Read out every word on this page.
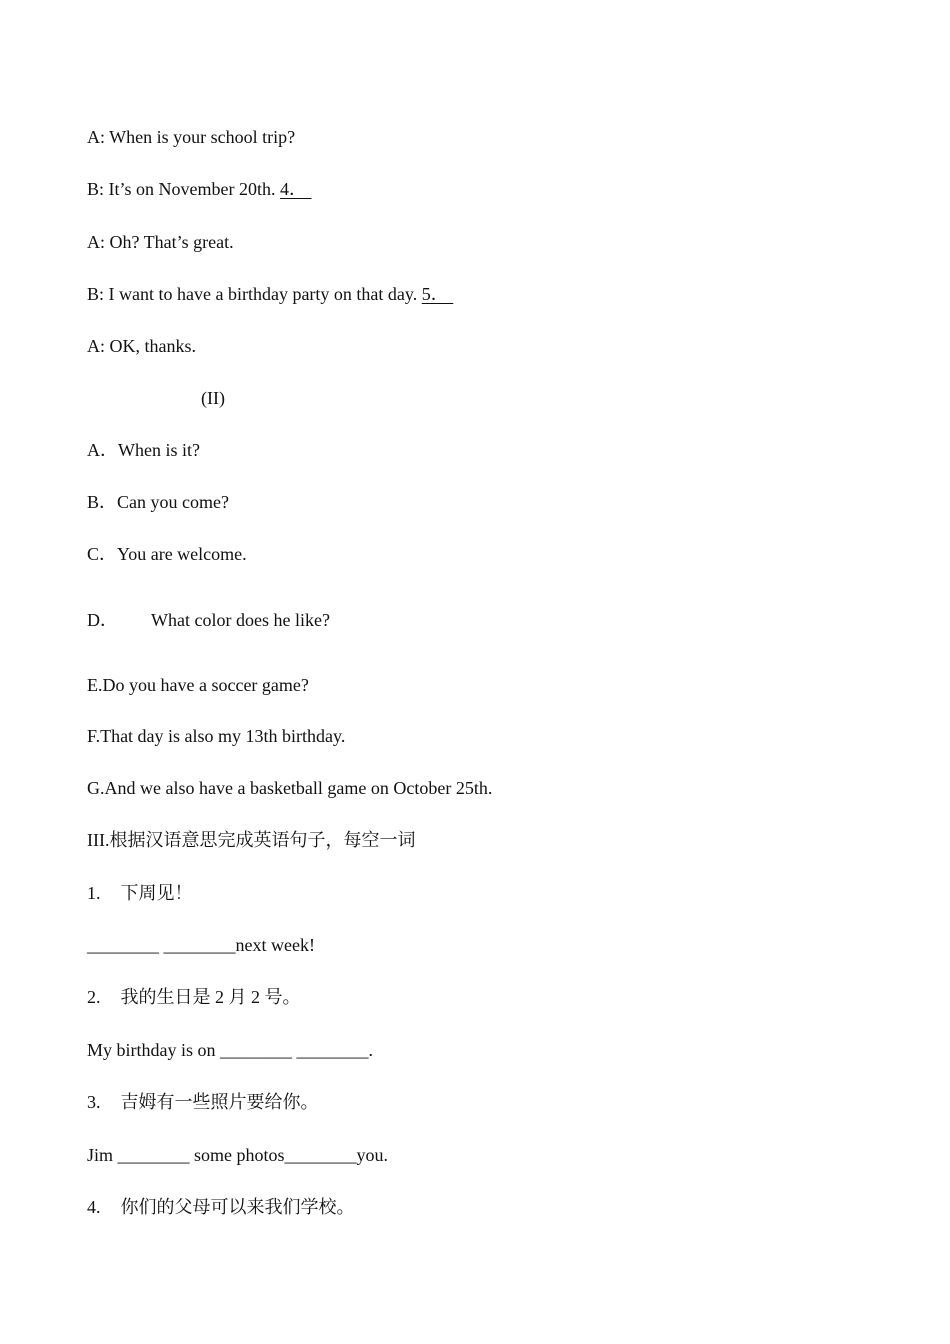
A: When is your school trip?
B: It’s on November 20th. 4．
A: Oh? That’s great.
B: I want to have a birthday party on that day. 5．
A: OK, thanks.
(II)
A．When is it?
B．Can you come?
C．You are welcome.
D． What color does he like?
E.Do you have a soccer game?
F.That day is also my 13th birthday.
G.And we also have a basketball game on October 25th.
III.根据汉语意思完成英语句子，每空一词
1. 下周见！
________ ________next week!
2. 我的生日是 2 月 2 号。
My birthday is on ________ ________.
3. 吉姆有一些照片要给你。
Jim ________ some photos________you.
4. 你们的父母可以来我们学校。
